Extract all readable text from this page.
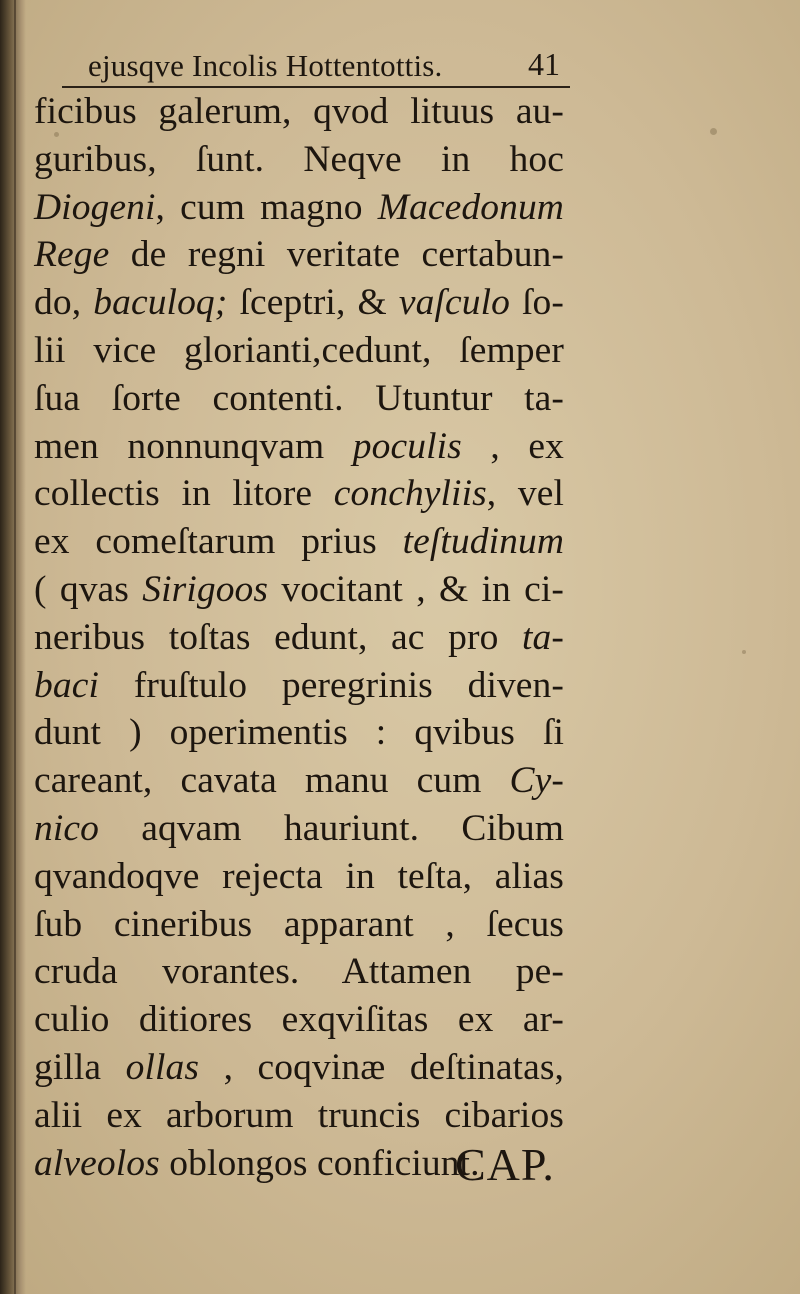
ejusqve Incolis Hottentottis.	41
ficibus galerum, qvod lituus au-
guribus, ſunt. Neqve in hoc
Diogeni, cum magno Macedonum
Rege de regni veritate certabun-
do, baculoq; ſceptri, & vaſculo ſo-
lii vice glorianti,cedunt, ſemper
ſua ſorte contenti. Utuntur ta-
men nonnunqvam poculis , ex
collectis in litore conchyliis, vel
ex comeſtarum prius teſtudinum
( qvas Sirigoos vocitant , & in ci-
neribus toſtas edunt, ac pro ta-
baci fruſtulo peregrinis diven-
dunt ) operimentis : qvibus ſi
careant, cavata manu cum Cy-
nico aqvam hauriunt. Cibum
qvandoqve rejecta in teſta, alias
ſub cineribus apparant , ſecus
cruda vorantes. Attamen pe-
culio ditiores exqviſitas ex ar-
gilla ollas , coqvinæ deſtinatas,
alii ex arborum truncis cibarios
alveolos oblongos conficiunt.
CAP.
